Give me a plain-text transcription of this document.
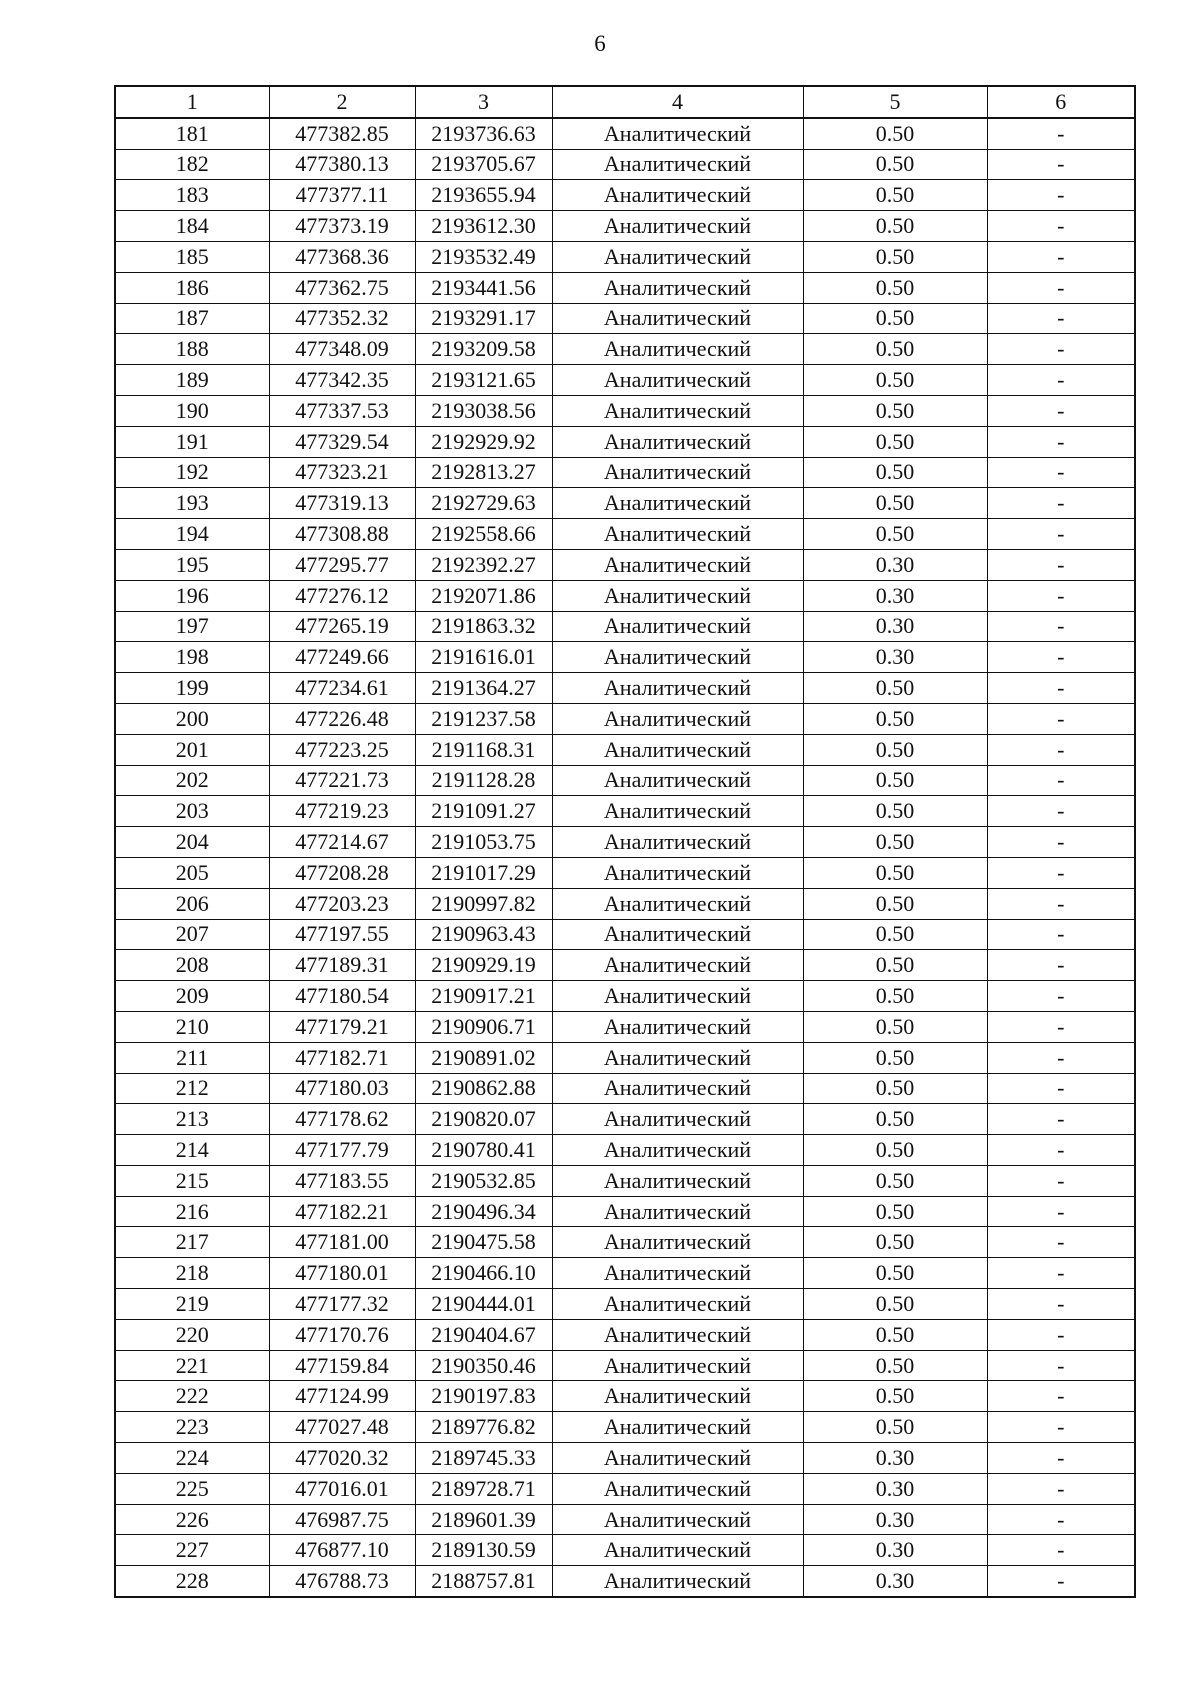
6
1	2	3	4	5	6
181	477382.85	2193736.63	Аналитический	0.50	-
182	477380.13	2193705.67	Аналитический	0.50	-
183	477377.11	2193655.94	Аналитический	0.50	-
184	477373.19	2193612.30	Аналитический	0.50	-
185	477368.36	2193532.49	Аналитический	0.50	-
186	477362.75	2193441.56	Аналитический	0.50	-
187	477352.32	2193291.17	Аналитический	0.50	-
188	477348.09	2193209.58	Аналитический	0.50	-
189	477342.35	2193121.65	Аналитический	0.50	-
190	477337.53	2193038.56	Аналитический	0.50	-
191	477329.54	2192929.92	Аналитический	0.50	-
192	477323.21	2192813.27	Аналитический	0.50	-
193	477319.13	2192729.63	Аналитический	0.50	-
194	477308.88	2192558.66	Аналитический	0.50	-
195	477295.77	2192392.27	Аналитический	0.30	-
196	477276.12	2192071.86	Аналитический	0.30	-
197	477265.19	2191863.32	Аналитический	0.30	-
198	477249.66	2191616.01	Аналитический	0.30	-
199	477234.61	2191364.27	Аналитический	0.50	-
200	477226.48	2191237.58	Аналитический	0.50	-
201	477223.25	2191168.31	Аналитический	0.50	-
202	477221.73	2191128.28	Аналитический	0.50	-
203	477219.23	2191091.27	Аналитический	0.50	-
204	477214.67	2191053.75	Аналитический	0.50	-
205	477208.28	2191017.29	Аналитический	0.50	-
206	477203.23	2190997.82	Аналитический	0.50	-
207	477197.55	2190963.43	Аналитический	0.50	-
208	477189.31	2190929.19	Аналитический	0.50	-
209	477180.54	2190917.21	Аналитический	0.50	-
210	477179.21	2190906.71	Аналитический	0.50	-
211	477182.71	2190891.02	Аналитический	0.50	-
212	477180.03	2190862.88	Аналитический	0.50	-
213	477178.62	2190820.07	Аналитический	0.50	-
214	477177.79	2190780.41	Аналитический	0.50	-
215	477183.55	2190532.85	Аналитический	0.50	-
216	477182.21	2190496.34	Аналитический	0.50	-
217	477181.00	2190475.58	Аналитический	0.50	-
218	477180.01	2190466.10	Аналитический	0.50	-
219	477177.32	2190444.01	Аналитический	0.50	-
220	477170.76	2190404.67	Аналитический	0.50	-
221	477159.84	2190350.46	Аналитический	0.50	-
222	477124.99	2190197.83	Аналитический	0.50	-
223	477027.48	2189776.82	Аналитический	0.50	-
224	477020.32	2189745.33	Аналитический	0.30	-
225	477016.01	2189728.71	Аналитический	0.30	-
226	476987.75	2189601.39	Аналитический	0.30	-
227	476877.10	2189130.59	Аналитический	0.30	-
228	476788.73	2188757.81	Аналитический	0.30	-
